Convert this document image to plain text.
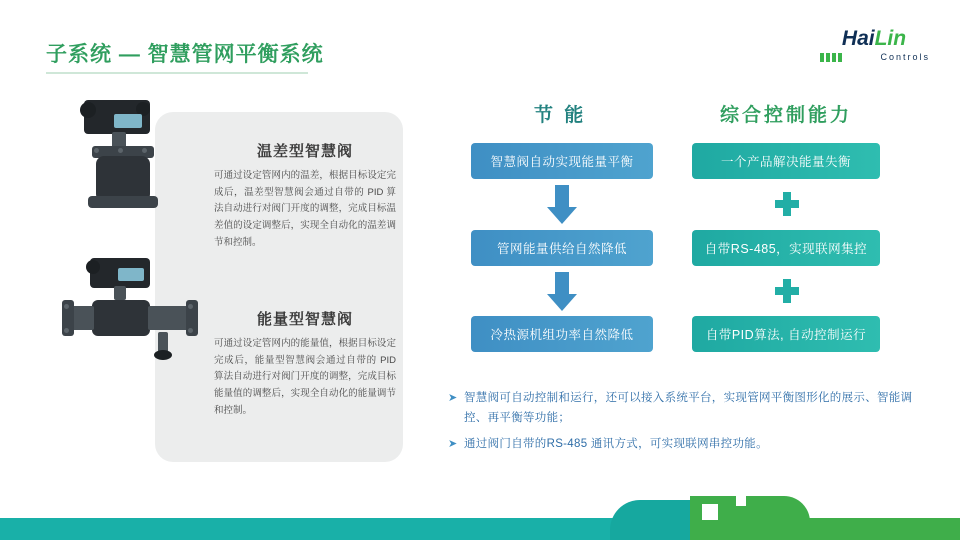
子系统 — 智慧管网平衡系统
HaiLin
Controls
温差型智慧阀
可通过设定管网内的温差，根据目标设定完成后，温差型智慧阀会通过自带的 PID 算法自动进行对阀门开度的调整，完成目标温差值的设定调整后，实现全自动化的温差调节和控制。
能量型智慧阀
可通过设定管网内的能量值，根据目标设定完成后，能量型智慧阀会通过自带的 PID 算法自动进行对阀门开度的调整，完成目标能量值的调整后，实现全自动化的能量调节和控制。
节 能	综合控制能力
智慧阀自动实现能量平衡
管网能量供给自然降低
冷热源机组功率自然降低
一个产品解决能量失衡
自带RS-485，实现联网集控
自带PID算法, 自动控制运行
➤ 智慧阀可自动控制和运行，还可以接入系统平台，实现管网平衡图形化的展示、智能调控、再平衡等功能；
➤ 通过阀门自带的RS-485 通讯方式，可实现联网串控功能。
